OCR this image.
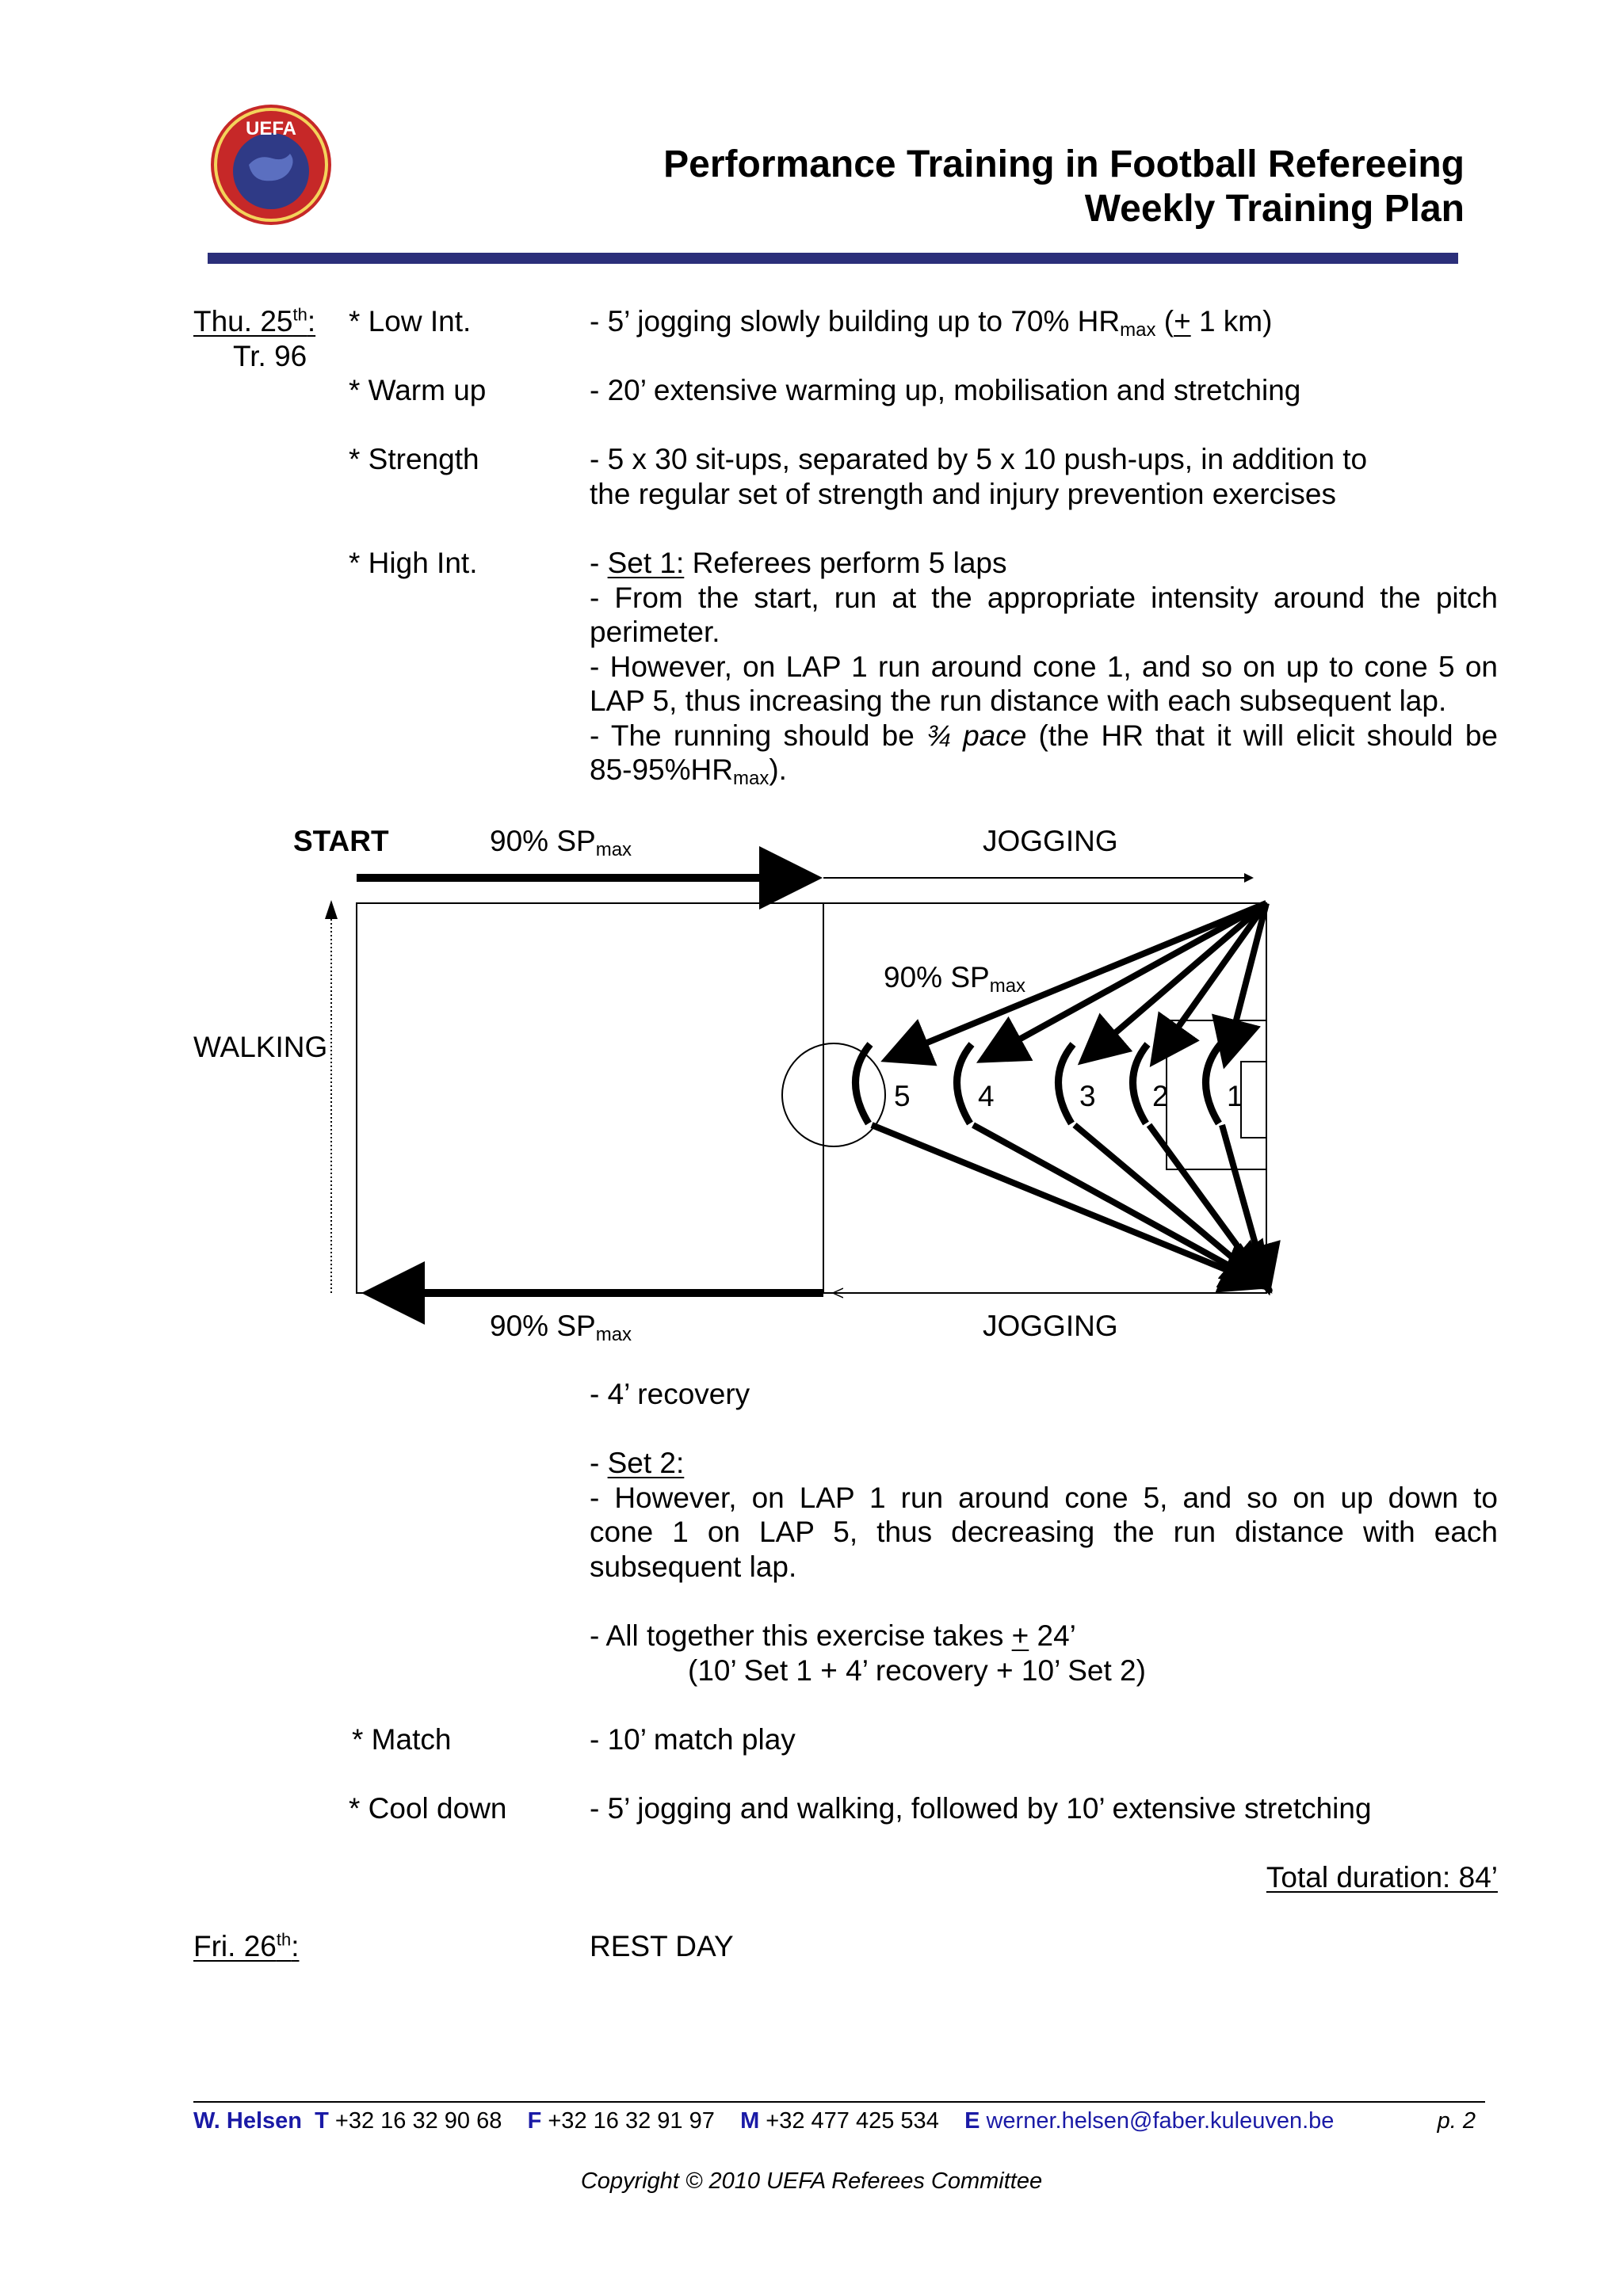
UEFA
Performance Training in Football Refereeing
Weekly Training Plan
Thu. 25th:
Tr. 96
* Low Int.	- 5’ jogging slowly building up to 70% $HR_{max}$ (+ 1 km)
* Warm up	- 20’ extensive warming up, mobilisation and stretching
* Strength	- 5 x 30 sit-ups, separated by 5 x 10 push-ups, in addition to
the regular set of strength and injury prevention exercises
* High Int.	- Set 1: Referees perform 5 laps
- From the start, run at the appropriate intensity around the pitch
perimeter.
- However, on LAP 1 run around cone 1, and so on up to cone 5 on
LAP 5, thus increasing the run distance with each subsequent lap.
- The running should be ¾ pace (the HR that it will elicit should be
$85-95\%HR_{max}$).
START	90% $SP_{max}$	JOGGING
WALKING
90% $SP_{max}$
90% $SP_{max}$	JOGGING
5 4	3 2 1
- 4’ recovery
- Set 2:
- However, on LAP 1 run around cone 5, and so on up down to
cone 1 on LAP 5, thus decreasing the run distance with each
subsequent lap.
- All together this exercise takes + 24’
(10’ Set 1 + 4’ recovery + 10’ Set 2)
* Match	- 10’ match play
* Cool down	- 5’ jogging and walking, followed by 10’ extensive stretching
Total duration: 84’
Fri. 26th:	REST DAY
W. Helsen T +32 16 32 90 68 F +32 16 32 91 97 M +32 477 425 534 E werner.helsen@faber.kuleuven.be	p. 2
Copyright © 2010 UEFA Referees Committee
